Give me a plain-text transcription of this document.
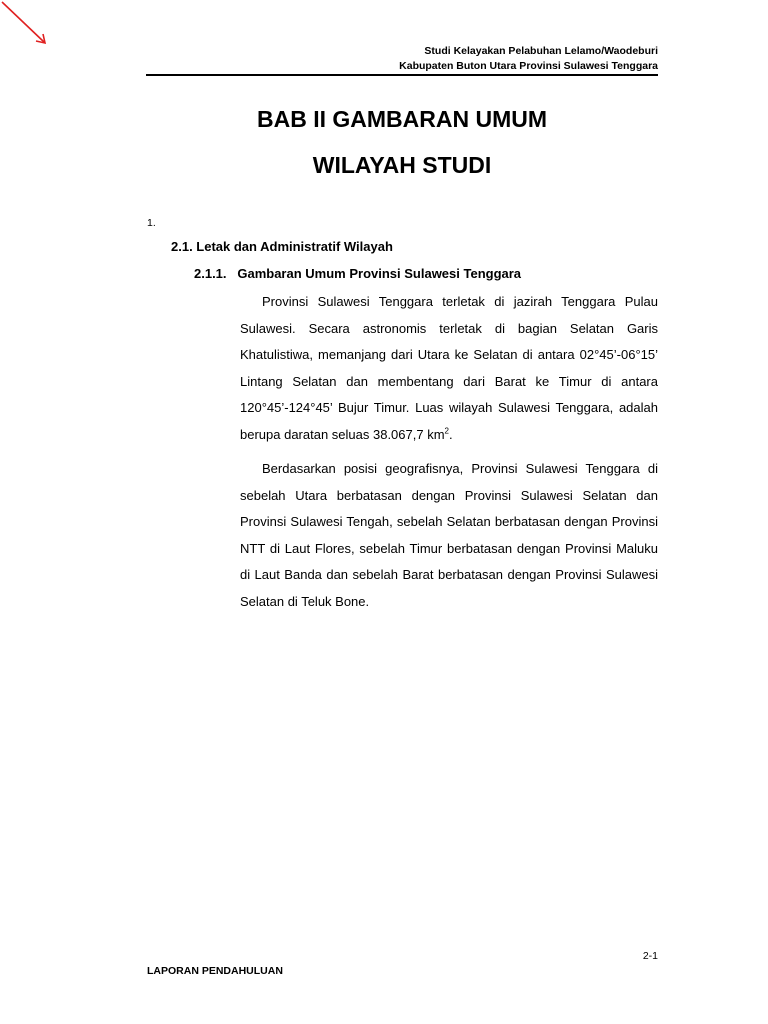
Studi Kelayakan Pelabuhan Lelamo/Waodeburi
Kabupaten Buton Utara Provinsi Sulawesi Tenggara
BAB II GAMBARAN UMUM
WILAYAH STUDI
1.
2.1. Letak dan Administratif Wilayah
2.1.1.   Gambaran Umum Provinsi Sulawesi Tenggara

Provinsi Sulawesi Tenggara terletak di jazirah Tenggara Pulau Sulawesi. Secara astronomis terletak di bagian Selatan Garis Khatulistiwa, memanjang dari Utara ke Selatan di antara 02°45’-06°15’ Lintang Selatan dan membentang dari Barat ke Timur di antara 120°45’-124°45’ Bujur Timur. Luas wilayah Sulawesi Tenggara, adalah berupa daratan seluas 38.067,7 $km^2$.

Berdasarkan posisi geografisnya, Provinsi Sulawesi Tenggara di sebelah Utara berbatasan dengan Provinsi Sulawesi Selatan dan Provinsi Sulawesi Tengah, sebelah Selatan berbatasan dengan Provinsi NTT di Laut Flores, sebelah Timur berbatasan dengan Provinsi Maluku di Laut Banda dan sebelah Barat berbatasan dengan Provinsi Sulawesi Selatan di Teluk Bone.

2-1
LAPORAN PENDAHULUAN
